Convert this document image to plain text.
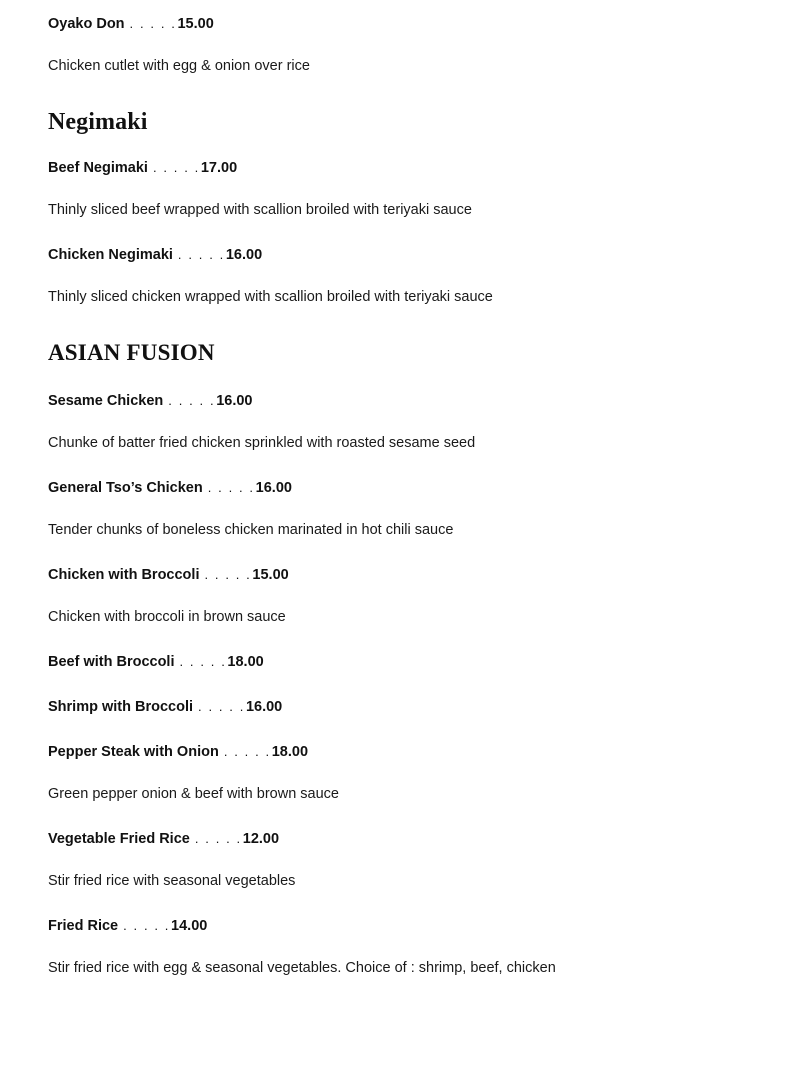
Oyako Don . . . . .15.00
Chicken cutlet with egg & onion over rice
Negimaki
Beef Negimaki . . . . .17.00
Thinly sliced beef wrapped with scallion broiled with teriyaki sauce
Chicken Negimaki . . . . .16.00
Thinly sliced chicken wrapped with scallion broiled with teriyaki sauce
ASIAN FUSION
Sesame Chicken . . . . .16.00
Chunke of batter fried chicken sprinkled with roasted sesame seed
General Tso’s Chicken . . . . .16.00
Tender chunks of boneless chicken marinated in hot chili sauce
Chicken with Broccoli . . . . .15.00
Chicken with broccoli in brown sauce
Beef with Broccoli . . . . .18.00
Shrimp with Broccoli . . . . .16.00
Pepper Steak with Onion . . . . .18.00
Green pepper onion & beef with brown sauce
Vegetable Fried Rice . . . . .12.00
Stir fried rice with seasonal vegetables
Fried Rice . . . . .14.00
Stir fried rice with egg & seasonal vegetables. Choice of : shrimp, beef, chicken
